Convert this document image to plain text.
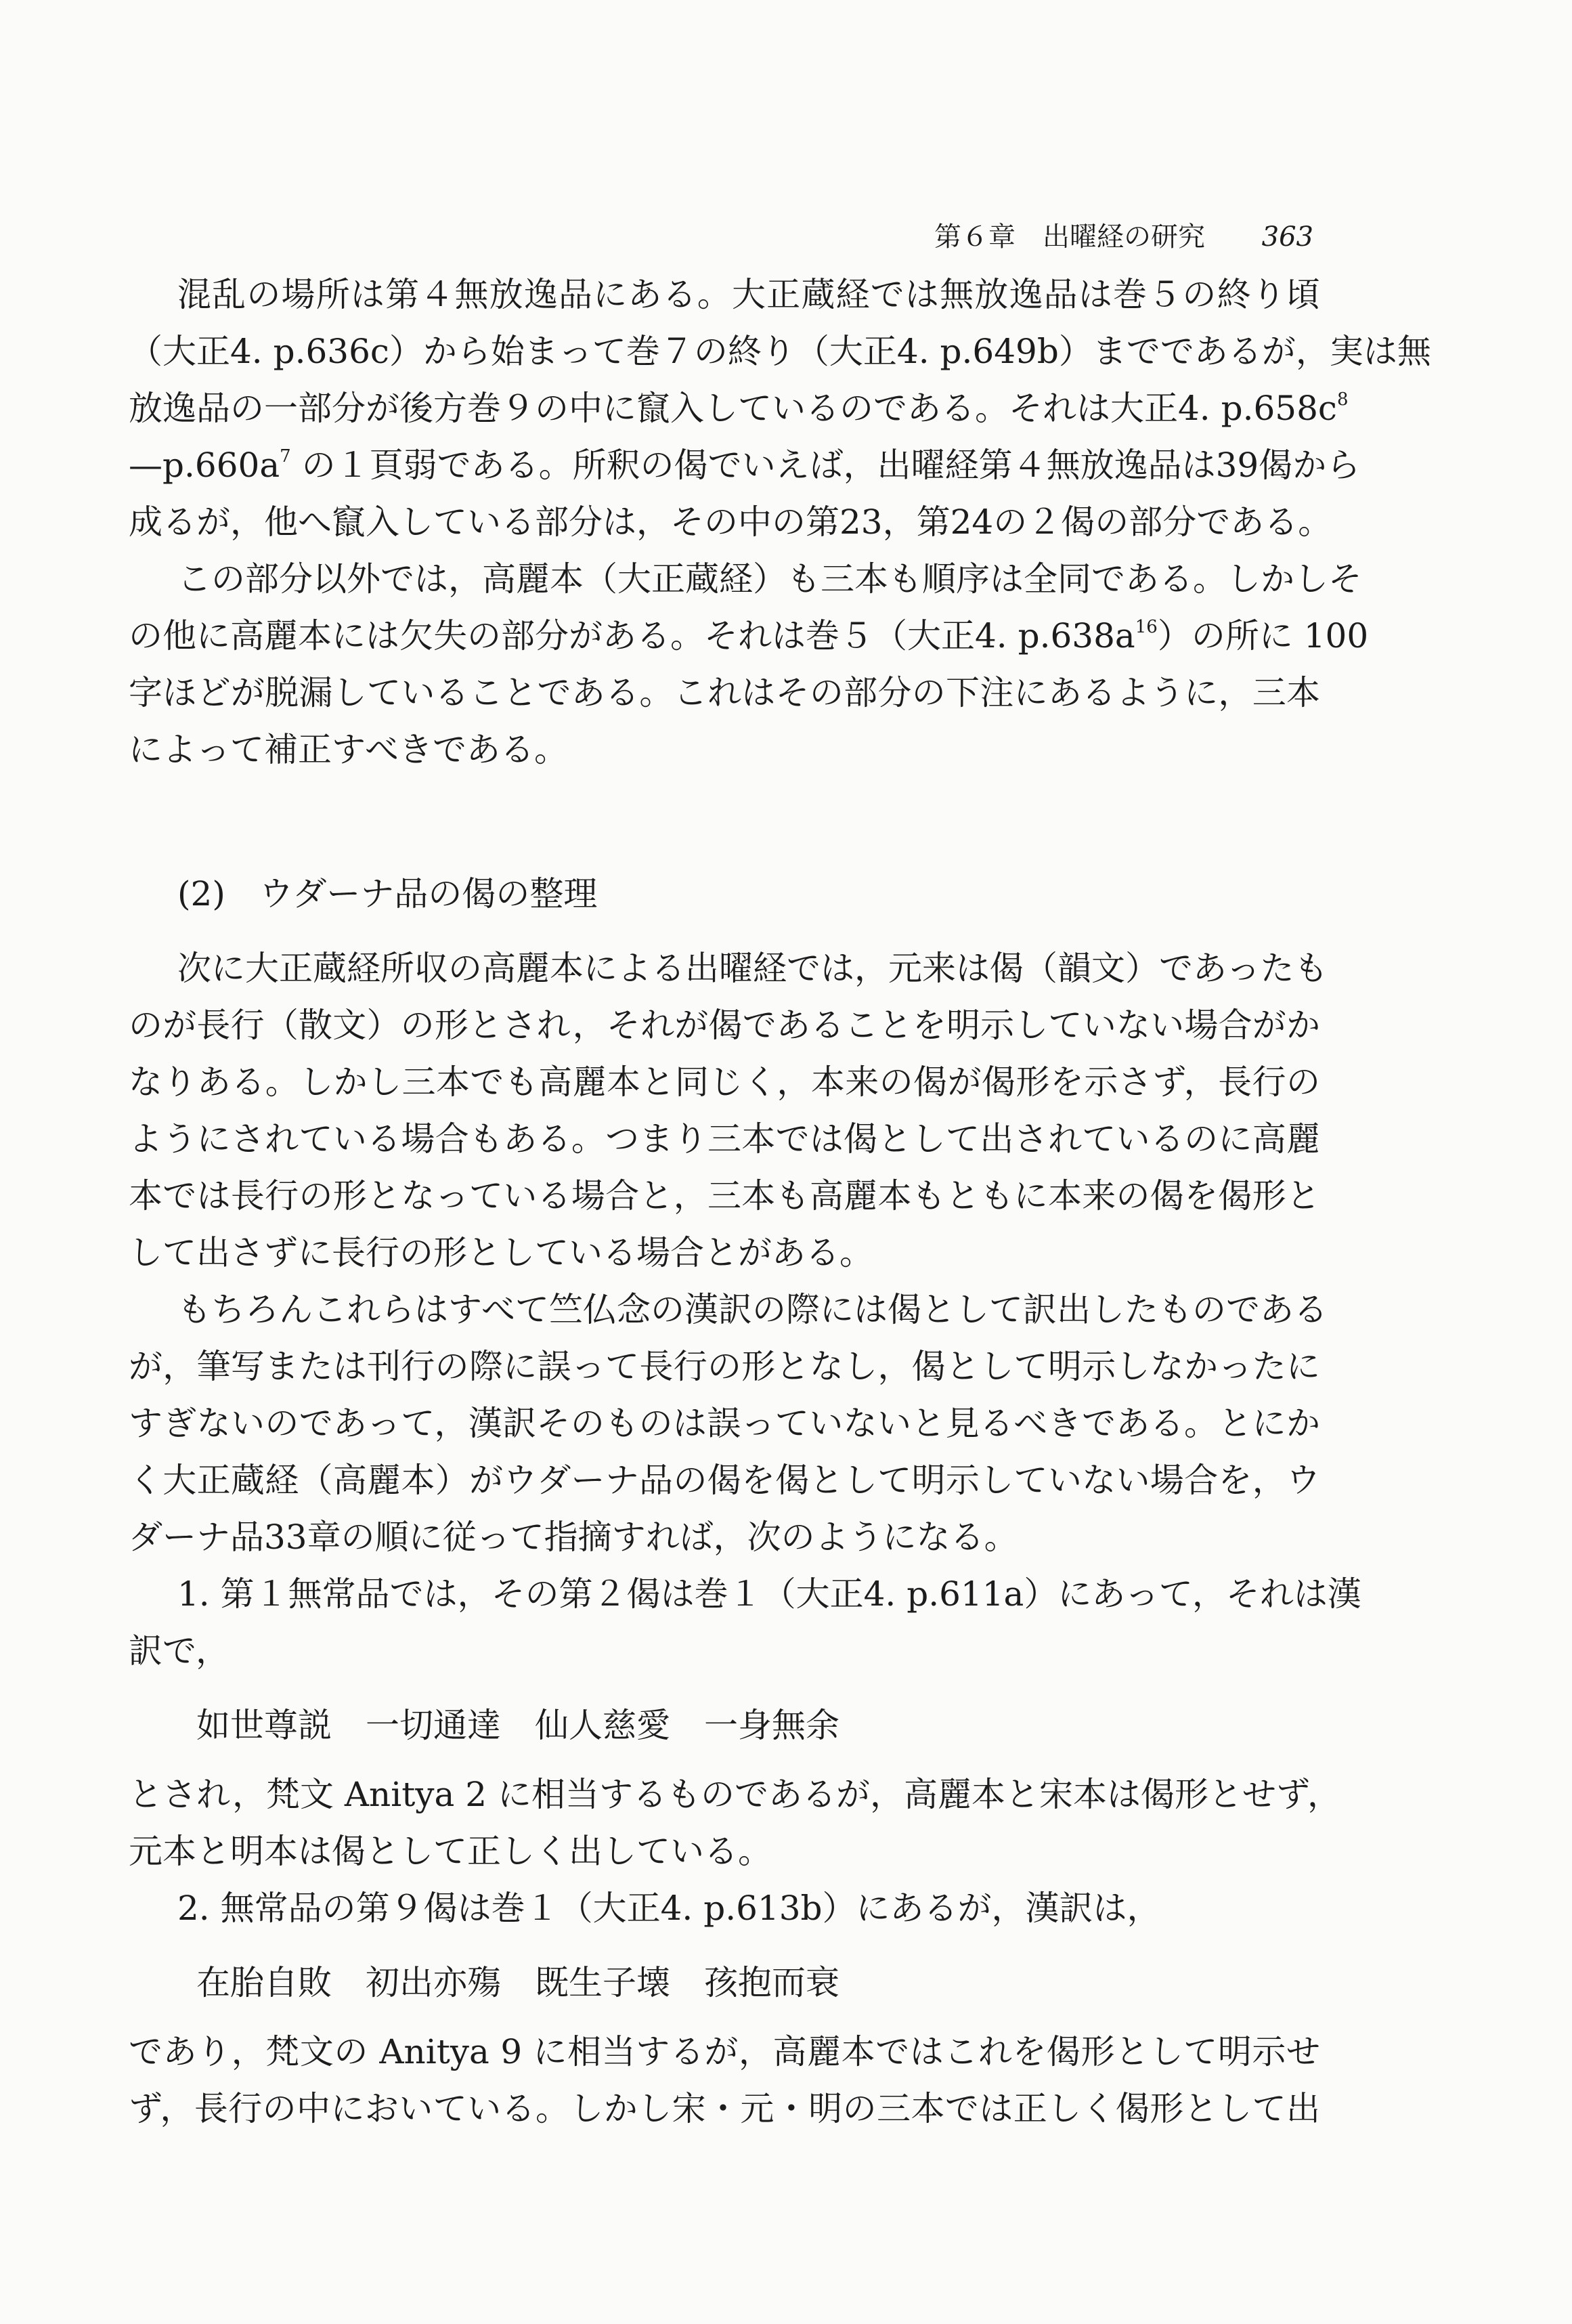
第６章　出曜経の研究 363
混乱の場所は第４無放逸品にある。大正蔵経では無放逸品は巻５の終り頃
（大正4. p.636c）から始まって巻７の終り（大正4. p.649b）までであるが，実は無
放逸品の一部分が後方巻９の中に竄入しているのである。それは大正4. $p.658c^8$
$—p.660a^7$ の１頁弱である。所釈の偈でいえば，出曜経第４無放逸品は39偈から
成るが，他へ竄入している部分は，その中の第23，第24の２偈の部分である。
この部分以外では，高麗本（大正蔵経）も三本も順序は全同である。しかしそ
の他に高麗本には欠失の部分がある。それは巻５（大正4. $p.638a^{16}$）の所に 100
字ほどが脱漏していることである。これはその部分の下注にあるように，三本
によって補正すべきである。
(2)　ウダーナ品の偈の整理
次に大正蔵経所収の高麗本による出曜経では，元来は偈（韻文）であったも
のが長行（散文）の形とされ，それが偈であることを明示していない場合がか
なりある。しかし三本でも高麗本と同じく，本来の偈が偈形を示さず，長行の
ようにされている場合もある。つまり三本では偈として出されているのに高麗
本では長行の形となっている場合と，三本も高麗本もともに本来の偈を偈形と
して出さずに長行の形としている場合とがある。
もちろんこれらはすべて竺仏念の漢訳の際には偈として訳出したものである
が，筆写または刊行の際に誤って長行の形となし，偈として明示しなかったに
すぎないのであって，漢訳そのものは誤っていないと見るべきである。とにか
く大正蔵経（高麗本）がウダーナ品の偈を偈として明示していない場合を，ウ
ダーナ品33章の順に従って指摘すれば，次のようになる。
1. 第１無常品では，その第２偈は巻１（大正4. p.611a）にあって，それは漢
訳で，
如世尊説　一切通達　仙人慈愛　一身無余
とされ，梵文 Anitya 2 に相当するものであるが，高麗本と宋本は偈形とせず，
元本と明本は偈として正しく出している。
2. 無常品の第９偈は巻１（大正4. p.613b）にあるが，漢訳は，
在胎自敗　初出亦殤　既生子壊　孩抱而衰
であり，梵文の Anitya 9 に相当するが，高麗本ではこれを偈形として明示せ
ず，長行の中においている。しかし宋・元・明の三本では正しく偈形として出
